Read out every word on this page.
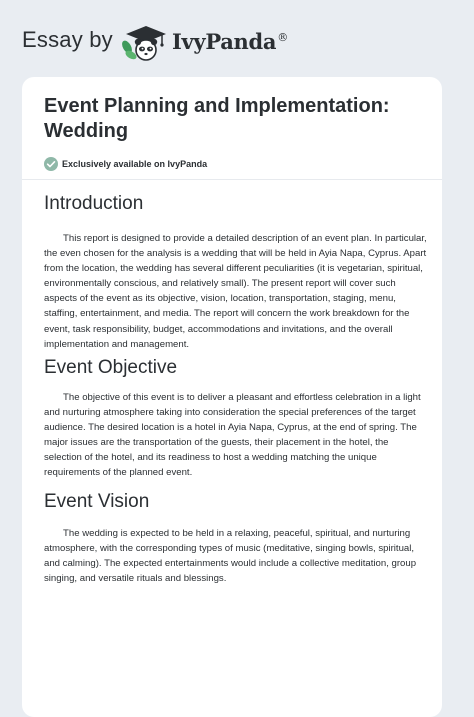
Essay by	IvyPanda®
Event Planning and Implementation: Wedding
Exclusively available on IvyPanda
Introduction

This report is designed to provide a detailed description of an event plan. In particular, the even chosen for the analysis is a wedding that will be held in Ayia Napa, Cyprus. Apart from the location, the wedding has several different peculiarities (it is vegetarian, spiritual, environmentally conscious, and relatively small). The present report will cover such aspects of the event as its objective, vision, location, transportation, staging, menu, staffing, entertainment, and media. The report will concern the work breakdown for the event, task responsibility, budget, accommodations and invitations, and the overall implementation and management.

Event Objective

The objective of this event is to deliver a pleasant and effortless celebration in a light and nurturing atmosphere taking into consideration the special preferences of the target audience. The desired location is a hotel in Ayia Napa, Cyprus, at the end of spring. The major issues are the transportation of the guests, their placement in the hotel, the selection of the hotel, and its readiness to host a wedding matching the unique requirements of the planned event.

Event Vision

The wedding is expected to be held in a relaxing, peaceful, spiritual, and nurturing atmosphere, with the corresponding types of music (meditative, singing bowls, spiritual, and calming). The expected entertainments would include a collective meditation, group singing, and versatile rituals and blessings.
